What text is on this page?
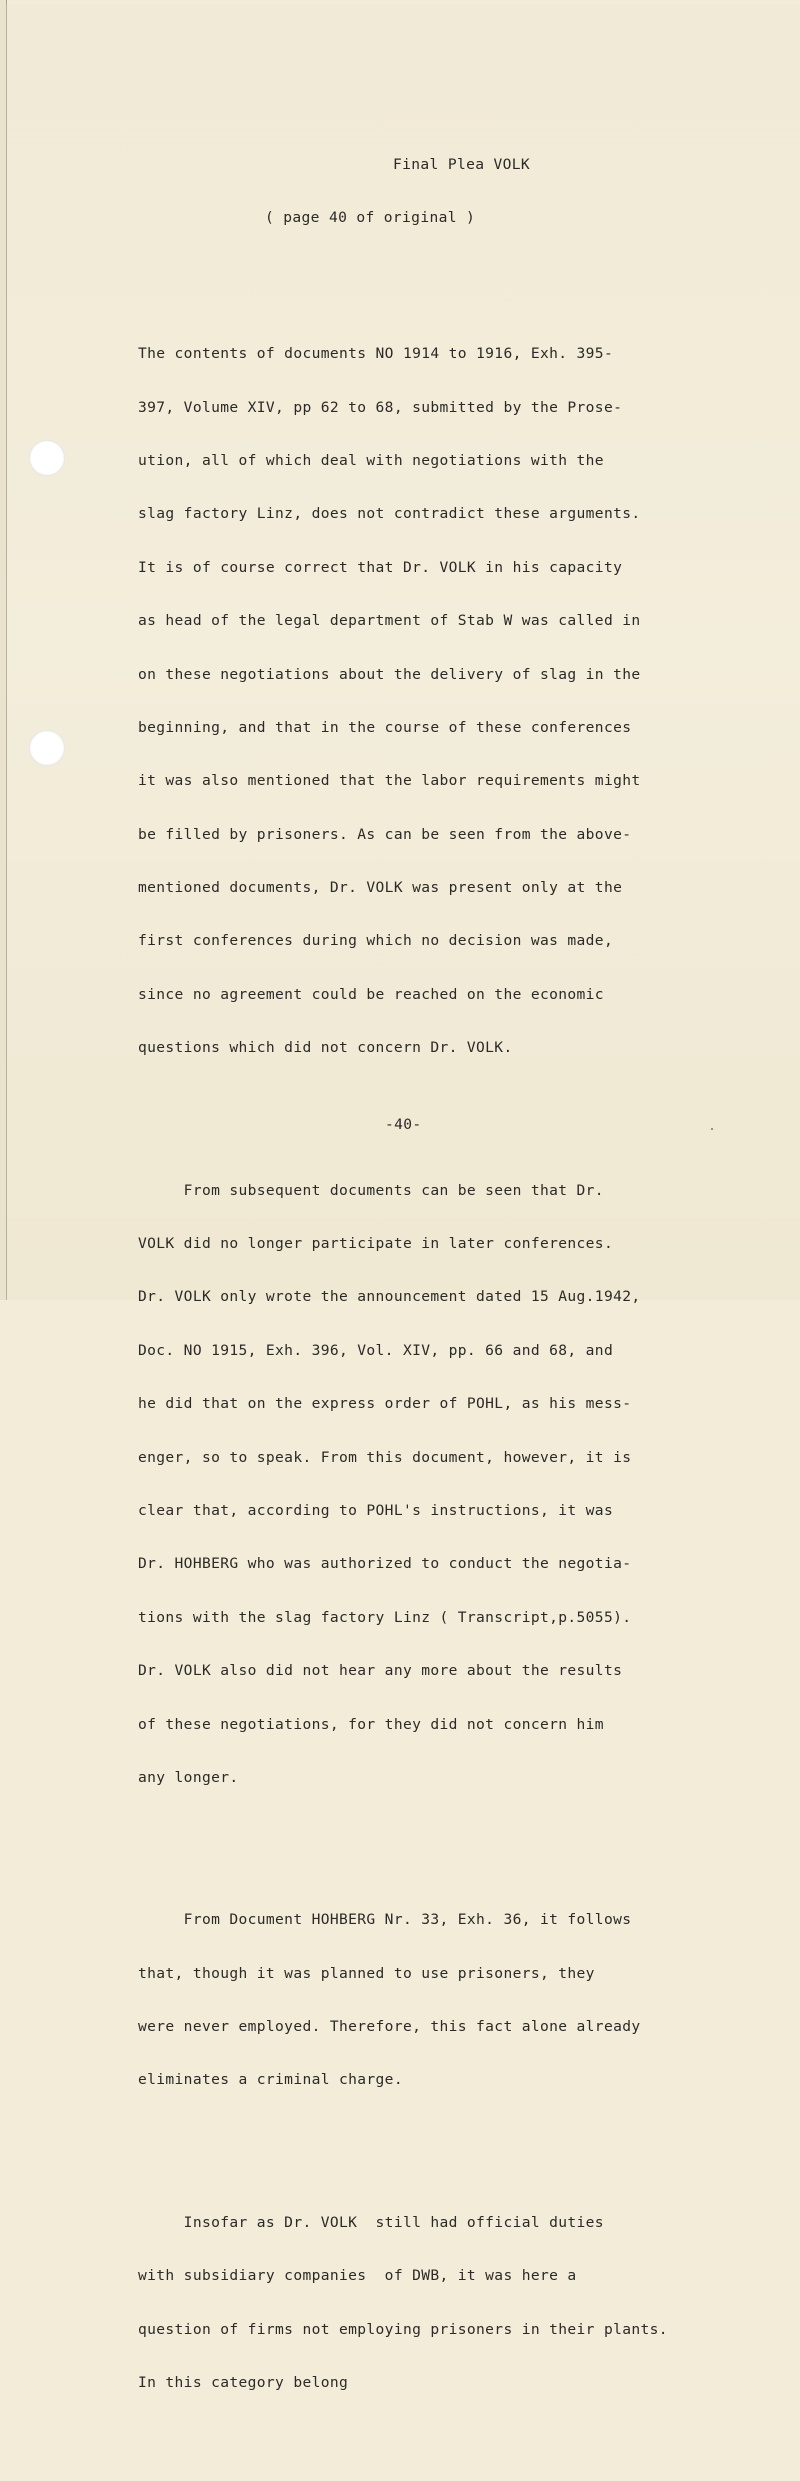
Final Plea VOLK

( page 40 of original )

The contents of documents NO 1914 to 1916, Exh. 395-

397, Volume XIV, pp 62 to 68, submitted by the Prose-

ution, all of which deal with negotiations with the

slag factory Linz, does not contradict these arguments.

It is of course correct that Dr. VOLK in his capacity

as head of the legal department of Stab W was called in

on these negotiations about the delivery of slag in the

beginning, and that in the course of these conferences

it was also mentioned that the labor requirements might

be filled by prisoners. As can be seen from the above-

mentioned documents, Dr. VOLK was present only at the

first conferences during which no decision was made,

since no agreement could be reached on the economic

questions which did not concern Dr. VOLK.

From subsequent documents can be seen that Dr.

VOLK did no longer participate in later conferences.

Dr. VOLK only wrote the announcement dated 15 Aug.1942,

Doc. NO 1915, Exh. 396, Vol. XIV, pp. 66 and 68, and

he did that on the express order of POHL, as his mess-

enger, so to speak. From this document, however, it is

clear that, according to POHL's instructions, it was

Dr. HOHBERG who was authorized to conduct the negotia-

tions with the slag factory Linz ( Transcript,p.5055).

Dr. VOLK also did not hear any more about the results

of these negotiations, for they did not concern him

any longer.

From Document HOHBERG Nr. 33, Exh. 36, it follows

that, though it was planned to use prisoners, they

were never employed. Therefore, this fact alone already

eliminates a criminal charge.

Insofar as Dr. VOLK  still had official duties

with subsidiary companies  of DWB, it was here a

question of firms not employing prisoners in their plants.

In this category belong

-40-
